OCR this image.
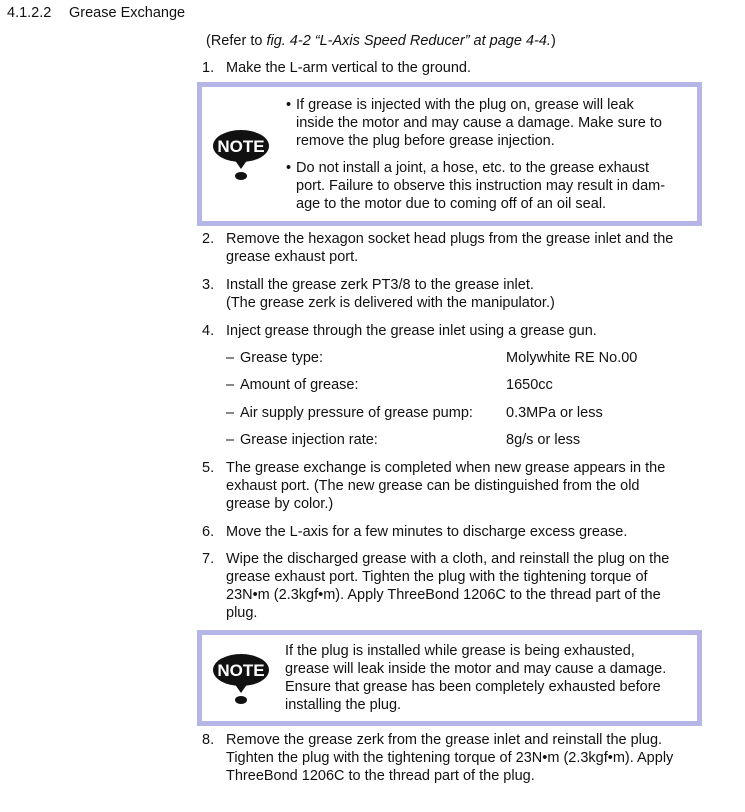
4.1.2.2 Grease Exchange
(Refer to fig. 4-2 “L-Axis Speed Reducer” at page 4-4.)
1. Make the L-arm vertical to the ground.
NOTE
• If grease is injected with the plug on, grease will leak
inside the motor and may cause a damage. Make sure to
remove the plug before grease injection.
• Do not install a joint, a hose, etc. to the grease exhaust
port. Failure to observe this instruction may result in dam-
age to the motor due to coming off of an oil seal.
2. Remove the hexagon socket head plugs from the grease inlet and the
grease exhaust port.
3. Install the grease zerk PT3/8 to the grease inlet.
(The grease zerk is delivered with the manipulator.)
4. Inject grease through the grease inlet using a grease gun.
– Grease type:	Molywhite RE No.00
– Amount of grease:	1650cc
– Air supply pressure of grease pump: 0.3MPa or less
– Grease injection rate:	8g/s or less
5. The grease exchange is completed when new grease appears in the
exhaust port. (The new grease can be distinguished from the old
grease by color.)
6. Move the L-axis for a few minutes to discharge excess grease.
7. Wipe the discharged grease with a cloth, and reinstall the plug on the
grease exhaust port. Tighten the plug with the tightening torque of
23N•m (2.3kgf•m). Apply ThreeBond 1206C to the thread part of the
plug.
NOTE
If the plug is installed while grease is being exhausted,
grease will leak inside the motor and may cause a damage.
Ensure that grease has been completely exhausted before
installing the plug.
8. Remove the grease zerk from the grease inlet and reinstall the plug.
Tighten the plug with the tightening torque of 23N•m (2.3kgf•m). Apply
ThreeBond 1206C to the thread part of the plug.
